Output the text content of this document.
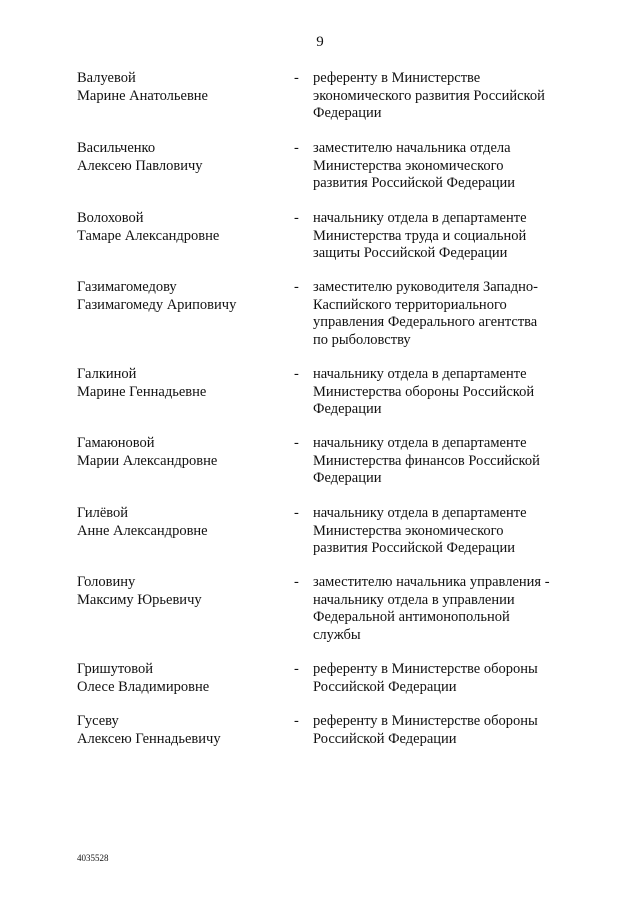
9
Валуевой
Марине Анатольевне
- референту в Министерстве
экономического развития Российской
Федерации
Васильченко
Алексею Павловичу
- заместителю начальника отдела
Министерства экономического
развития Российской Федерации
Волоховой
Тамаре Александровне
- начальнику отдела в департаменте
Министерства труда и социальной
защиты Российской Федерации
Газимагомедову
Газимагомеду Ариповичу
- заместителю руководителя Западно-
Каспийского территориального
управления Федерального агентства
по рыболовству
Галкиной
Марине Геннадьевне
- начальнику отдела в департаменте
Министерства обороны Российской
Федерации
Гамаюновой
Марии Александровне
- начальнику отдела в департаменте
Министерства финансов Российской
Федерации
Гилёвой
Анне Александровне
- начальнику отдела в департаменте
Министерства экономического
развития Российской Федерации
Головину
Максиму Юрьевичу
- заместителю начальника управления -
начальнику отдела в управлении
Федеральной антимонопольной
службы
Гришутовой
Олесе Владимировне
- референту в Министерстве обороны
Российской Федерации
Гусеву
Алексею Геннадьевичу
- референту в Министерстве обороны
Российской Федерации
4035528
